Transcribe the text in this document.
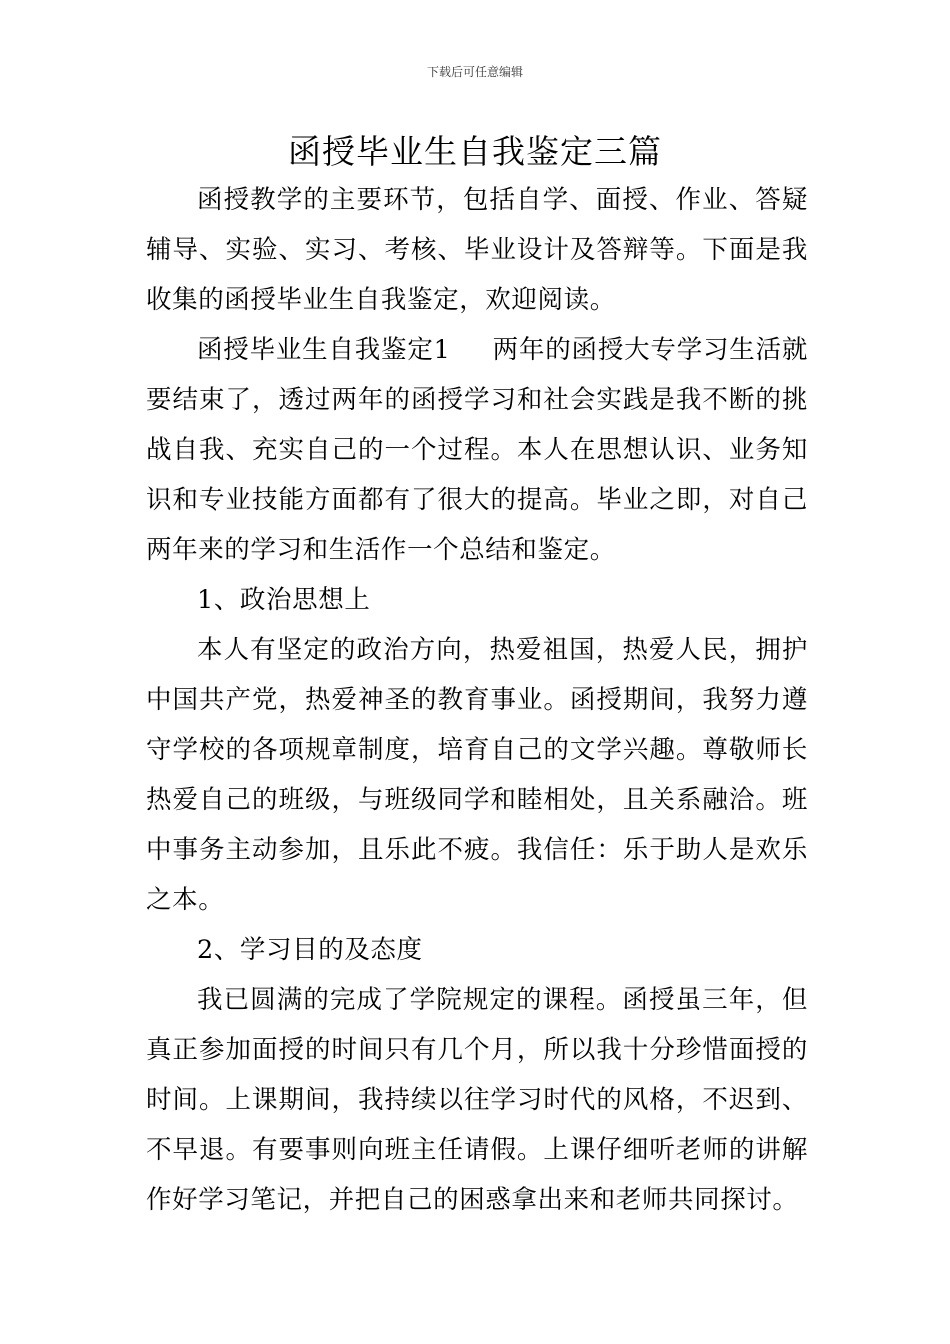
下载后可任意编辑
函授毕业生自我鉴定三篇

函授教学的主要环节，包括自学、面授、作业、答疑辅导、实验、实习、考核、毕业设计及答辩等。下面是我收集的函授毕业生自我鉴定，欢迎阅读。

函授毕业生自我鉴定1 两年的函授大专学习生活就要结束了，透过两年的函授学习和社会实践是我不断的挑战自我、充实自己的一个过程。本人在思想认识、业务知识和专业技能方面都有了很大的提高。毕业之即，对自己两年来的学习和生活作一个总结和鉴定。

1、政治思想上

本人有坚定的政治方向，热爱祖国，热爱人民，拥护中国共产党，热爱神圣的教育事业。函授期间，我努力遵守学校的各项规章制度，培育自己的文学兴趣。尊敬师长热爱自己的班级，与班级同学和睦相处，且关系融洽。班中事务主动参加，且乐此不疲。我信任：乐于助人是欢乐之本。

2、学习目的及态度

我已圆满的完成了学院规定的课程。函授虽三年，但真正参加面授的时间只有几个月，所以我十分珍惜面授的时间。上课期间，我持续以往学习时代的风格，不迟到、不早退。有要事则向班主任请假。上课仔细听老师的讲解作好学习笔记，并把自己的困惑拿出来和老师共同探讨。
